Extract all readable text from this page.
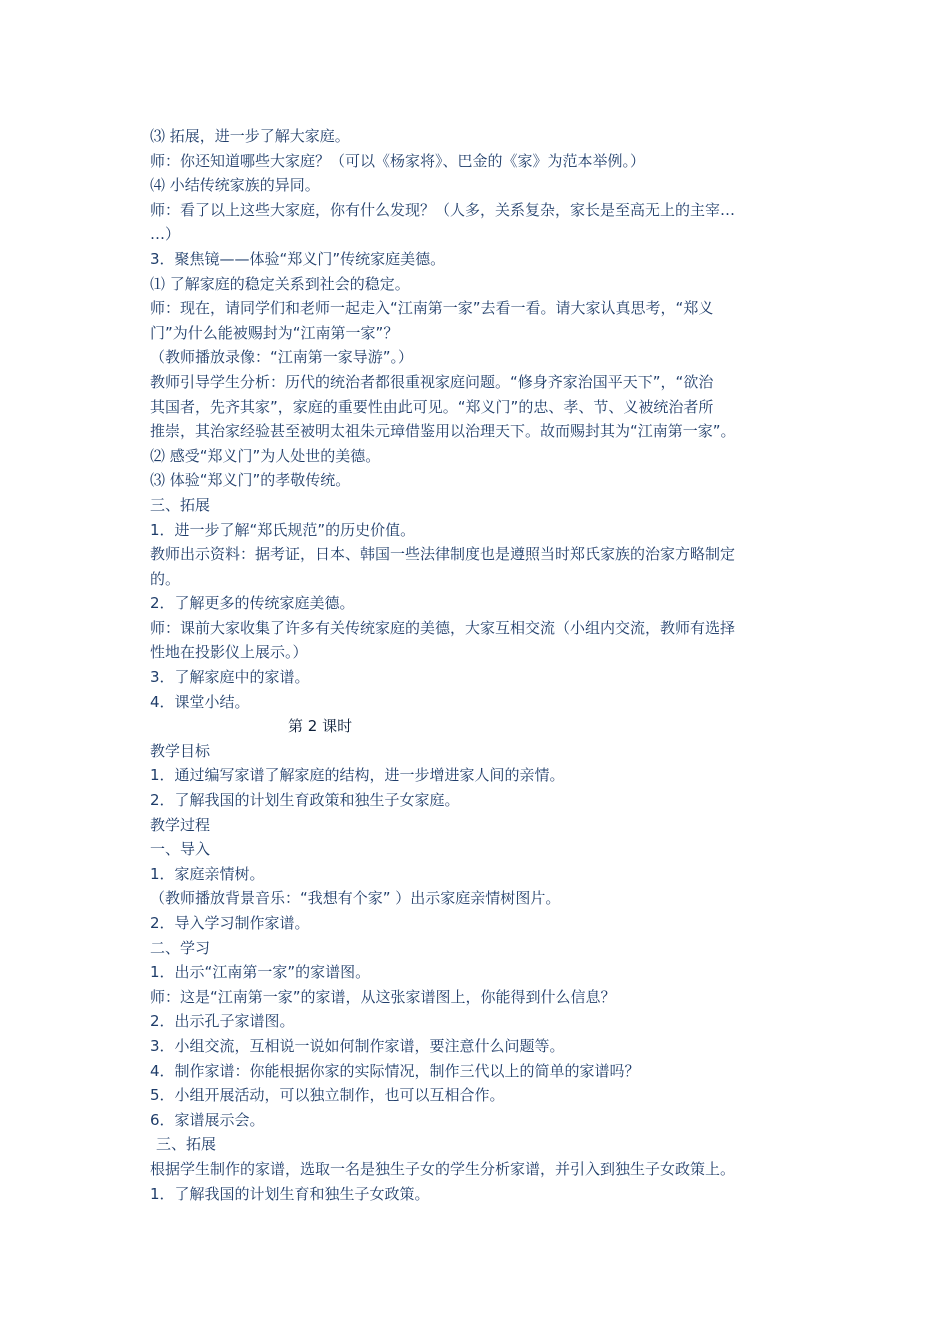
⑶ 拓展，进一步了解大家庭。
师：你还知道哪些大家庭？（可以《杨家将》、巴金的《家》为范本举例。）
⑷ 小结传统家族的异同。
师：看了以上这些大家庭，你有什么发现？（人多，关系复杂，家长是至高无上的主宰…
…）
3．聚焦镜——体验“郑义门”传统家庭美德。
⑴ 了解家庭的稳定关系到社会的稳定。
师：现在，请同学们和老师一起走入“江南第一家”去看一看。请大家认真思考，“郑义
门”为什么能被赐封为“江南第一家”？
（教师播放录像：“江南第一家导游”。）
教师引导学生分析：历代的统治者都很重视家庭问题。“修身齐家治国平天下”，“欲治
其国者，先齐其家”，家庭的重要性由此可见。“郑义门”的忠、孝、节、义被统治者所
推崇，其治家经验甚至被明太祖朱元璋借鉴用以治理天下。故而赐封其为“江南第一家”。
⑵ 感受“郑义门”为人处世的美德。
⑶ 体验“郑义门”的孝敬传统。
三、拓展
1．进一步了解“郑氏规范”的历史价值。
教师出示资料：据考证，日本、韩国一些法律制度也是遵照当时郑氏家族的治家方略制定
的。
2．了解更多的传统家庭美德。
师：课前大家收集了许多有关传统家庭的美德，大家互相交流（小组内交流，教师有选择
性地在投影仪上展示。）
3．了解家庭中的家谱。
4．课堂小结。
第 2 课时
教学目标
1．通过编写家谱了解家庭的结构，进一步增进家人间的亲情。
2．了解我国的计划生育政策和独生子女家庭。
教学过程
一、导入
1．家庭亲情树。
（教师播放背景音乐：“我想有个家” ）出示家庭亲情树图片。
2．导入学习制作家谱。
二、学习
1．出示“江南第一家”的家谱图。
师：这是“江南第一家”的家谱，从这张家谱图上，你能得到什么信息？
2．出示孔子家谱图。
3．小组交流，互相说一说如何制作家谱，要注意什么问题等。
4．制作家谱：你能根据你家的实际情况，制作三代以上的简单的家谱吗？
5．小组开展活动，可以独立制作，也可以互相合作。
6．家谱展示会。
三、拓展
根据学生制作的家谱，选取一名是独生子女的学生分析家谱，并引入到独生子女政策上。
1．了解我国的计划生育和独生子女政策。
